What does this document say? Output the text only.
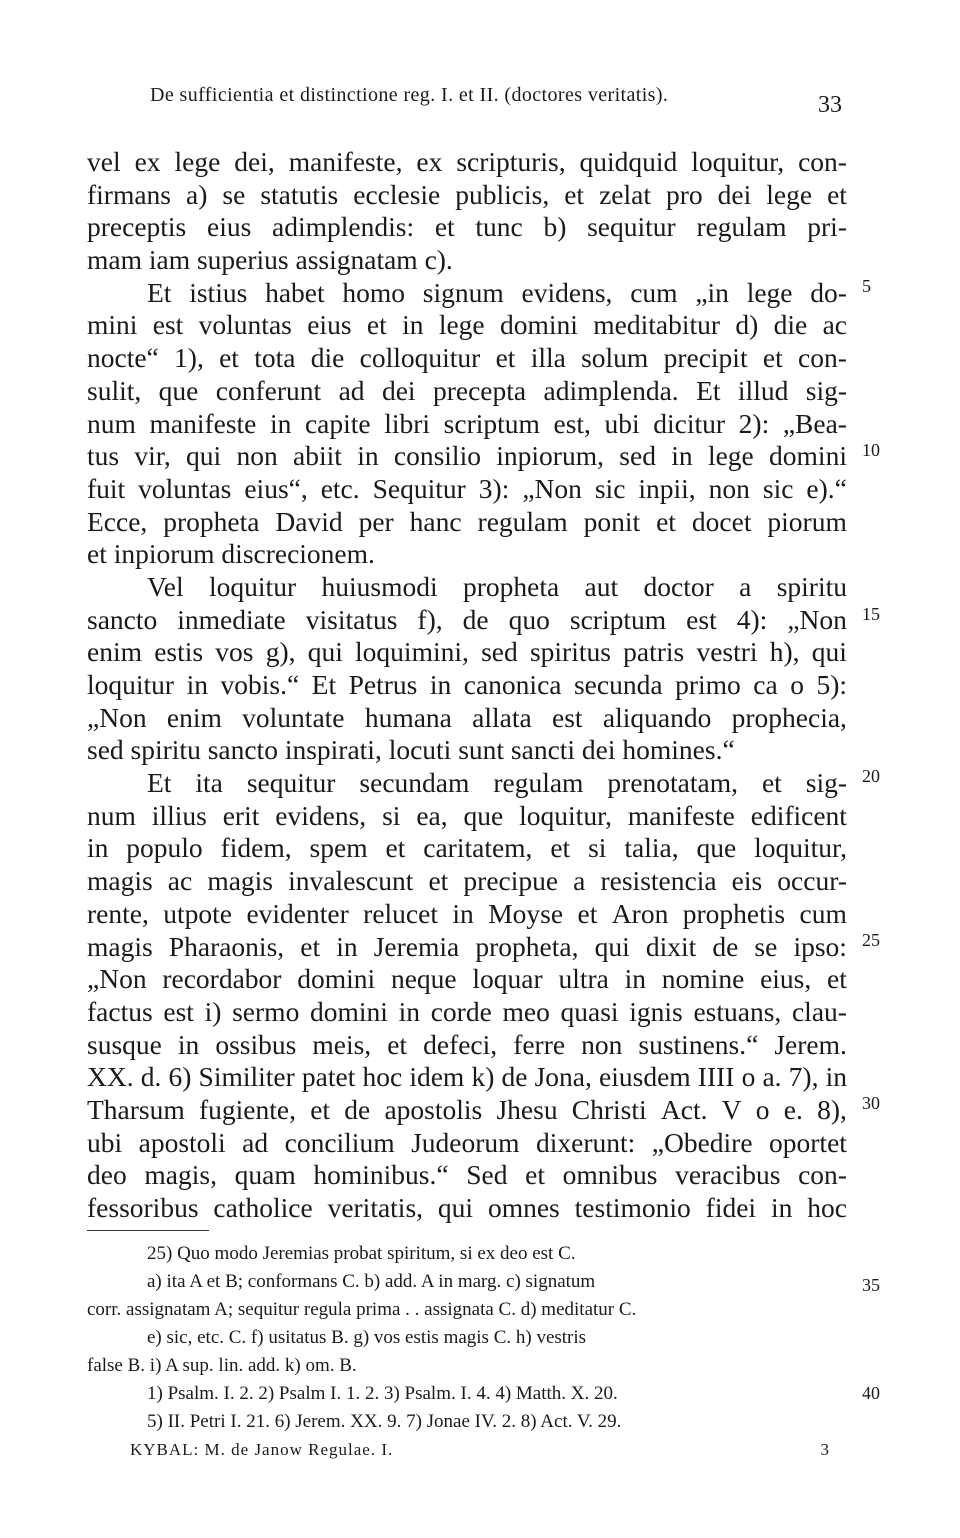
De sufficientia et distinctione reg. I. et II. (doctores veritatis).	33
vel ex lege dei, manifeste, ex scripturis, quidquid loquitur, con-
firmans a) se statutis ecclesie publicis, et zelat pro dei lege et
preceptis eius adimplendis: et tunc b) sequitur regulam pri-
mam iam superius assignatam c).
Et istius habet homo signum evidens, cum „in lege do-
mini est voluntas eius et in lege domini meditabitur d) die ac
nocte“ 1), et tota die colloquitur et illa solum precipit et con-
sulit, que conferunt ad dei precepta adimplenda. Et illud sig-
num manifeste in capite libri scriptum est, ubi dicitur 2): „Bea-
tus vir, qui non abiit in consilio inpiorum, sed in lege domini
fuit voluntas eius“, etc. Sequitur 3): „Non sic inpii, non sic e).“
Ecce, propheta David per hanc regulam ponit et docet piorum
et inpiorum discrecionem.
Vel loquitur huiusmodi propheta aut doctor a spiritu
sancto inmediate visitatus f), de quo scriptum est 4): „Non
enim estis vos g), qui loquimini, sed spiritus patris vestri h), qui
loquitur in vobis.“ Et Petrus in canonica secunda primo ca o 5):
„Non enim voluntate humana allata est aliquando prophecia,
sed spiritu sancto inspirati, locuti sunt sancti dei homines.“
Et ita sequitur secundam regulam prenotatam, et sig-
num illius erit evidens, si ea, que loquitur, manifeste edificent
in populo fidem, spem et caritatem, et si talia, que loquitur,
magis ac magis invalescunt et precipue a resistencia eis occur-
rente, utpote evidenter relucet in Moyse et Aron prophetis cum
magis Pharaonis, et in Jeremia propheta, qui dixit de se ipso:
„Non recordabor domini neque loquar ultra in nomine eius, et
factus est i) sermo domini in corde meo quasi ignis estuans, clau-
susque in ossibus meis, et defeci, ferre non sustinens.“ Jerem.
XX. d. 6) Similiter patet hoc idem k) de Jona, eiusdem IIII o a. 7), in
Tharsum fugiente, et de apostolis Jhesu Christi Act. V o e. 8),
ubi apostoli ad concilium Judeorum dixerunt: „Obedire oportet
deo magis, quam hominibus.“ Sed et omnibus veracibus con-
fessoribus catholice veritatis, qui omnes testimonio fidei in hoc
5
10
15
20
25
30
35
40
25) Quo modo Jeremias probat spiritum, si ex deo est C.
a) ita A et B; conformans C. b) add. A in marg. c) signatum
corr. assignatam A; sequitur regula prima . . assignata C. d) meditatur C.
e) sic, etc. C. f) usitatus B. g) vos estis magis C. h) vestris
false B. i) A sup. lin. add. k) om. B.
1) Psalm. I. 2. 2) Psalm I. 1. 2. 3) Psalm. I. 4. 4) Matth. X. 20.
5) II. Petri I. 21. 6) Jerem. XX. 9. 7) Jonae IV. 2. 8) Act. V. 29.
KYBAL: M. de Janow Regulae. I.	3
